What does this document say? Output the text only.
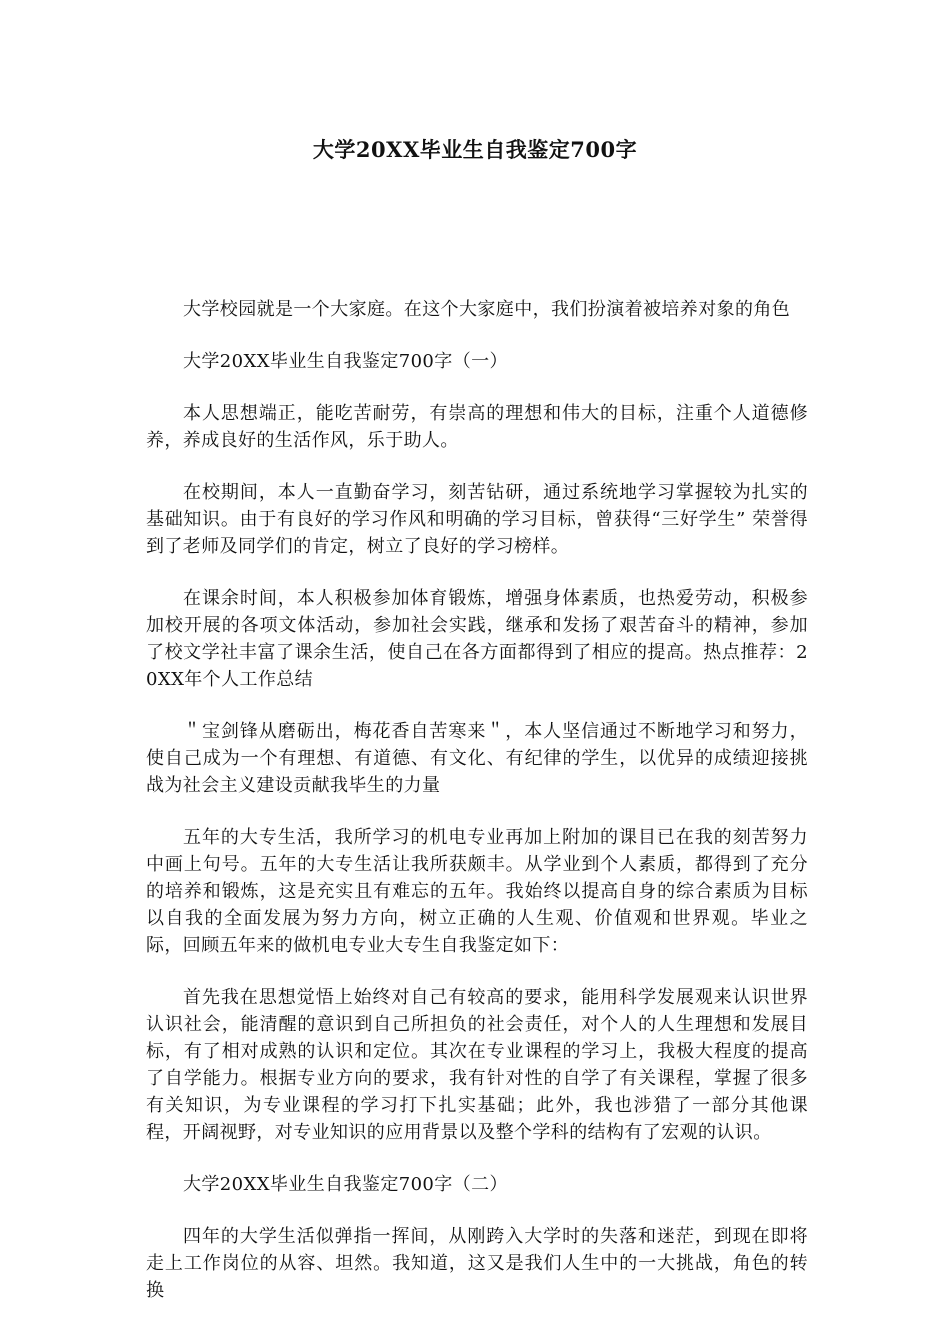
大学20XX毕业生自我鉴定700字

大学校园就是一个大家庭。在这个大家庭中，我们扮演着被培养对象的角色

大学20XX毕业生自我鉴定700字（一）

本人思想端正，能吃苦耐劳，有崇高的理想和伟大的目标，注重个人道德修养，养成良好的生活作风，乐于助人。

在校期间，本人一直勤奋学习，刻苦钻研，通过系统地学习掌握较为扎实的基础知识。由于有良好的学习作风和明确的学习目标，曾获得“三好学生” 荣誉得到了老师及同学们的肯定，树立了良好的学习榜样。

在课余时间，本人积极参加体育锻炼，增强身体素质，也热爱劳动，积极参加校开展的各项文体活动，参加社会实践，继承和发扬了艰苦奋斗的精神，参加了校文学社丰富了课余生活，使自己在各方面都得到了相应的提高。热点推荐：20XX年个人工作总结

＂宝剑锋从磨砺出，梅花香自苦寒来＂，本人坚信通过不断地学习和努力，使自己成为一个有理想、有道德、有文化、有纪律的学生，以优异的成绩迎接挑战为社会主义建设贡献我毕生的力量

五年的大专生活，我所学习的机电专业再加上附加的课目已在我的刻苦努力中画上句号。五年的大专生活让我所获颇丰。从学业到个人素质，都得到了充分的培养和锻炼，这是充实且有难忘的五年。我始终以提高自身的综合素质为目标以自我的全面发展为努力方向，树立正确的人生观、价值观和世界观。毕业之际，回顾五年来的做机电专业大专生自我鉴定如下：

首先我在思想觉悟上始终对自己有较高的要求，能用科学发展观来认识世界认识社会，能清醒的意识到自己所担负的社会责任，对个人的人生理想和发展目标，有了相对成熟的认识和定位。其次在专业课程的学习上，我极大程度的提高了自学能力。根据专业方向的要求，我有针对性的自学了有关课程，掌握了很多有关知识，为专业课程的学习打下扎实基础；此外，我也涉猎了一部分其他课程，开阔视野，对专业知识的应用背景以及整个学科的结构有了宏观的认识。

大学20XX毕业生自我鉴定700字（二）

四年的大学生活似弹指一挥间，从刚跨入大学时的失落和迷茫，到现在即将走上工作岗位的从容、坦然。我知道，这又是我们人生中的一大挑战，角色的转换
